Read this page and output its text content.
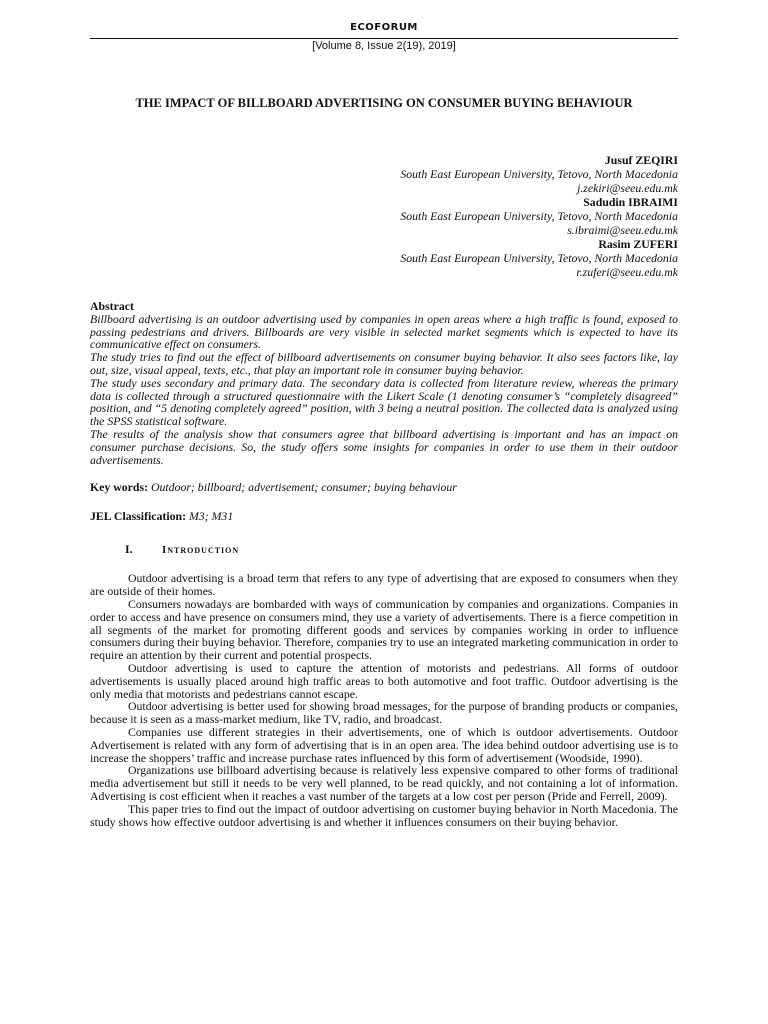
ECOFORUM
[Volume 8, Issue 2(19), 2019]
THE IMPACT OF BILLBOARD ADVERTISING ON CONSUMER BUYING BEHAVIOUR
Jusuf ZEQIRI
South East European University, Tetovo, North Macedonia
j.zekiri@seeu.edu.mk
Sadudin IBRAIMI
South East European University, Tetovo, North Macedonia
s.ibraimi@seeu.edu.mk
Rasim ZUFERI
South East European University, Tetovo, North Macedonia
r.zuferi@seeu.edu.mk
Abstract

Billboard advertising is an outdoor advertising used by companies in open areas where a high traffic is found, exposed to passing pedestrians and drivers. Billboards are very visible in selected market segments which is expected to have its communicative effect on consumers.

The study tries to find out the effect of billboard advertisements on consumer buying behavior. It also sees factors like, lay out, size, visual appeal, texts, etc., that play an important role in consumer buying behavior.

The study uses secondary and primary data. The secondary data is collected from literature review, whereas the primary data is collected through a structured questionnaire with the Likert Scale (1 denoting consumer’s “completely disagreed” position, and “5 denoting completely agreed” position, with 3 being a neutral position. The collected data is analyzed using the SPSS statistical software.

The results of the analysis show that consumers agree that billboard advertising is important and has an impact on consumer purchase decisions. So, the study offers some insights for companies in order to use them in their outdoor advertisements.

Key words: Outdoor; billboard; advertisement; consumer; buying behaviour
JEL Classification: M3; M31
I.	Introduction

Outdoor advertising is a broad term that refers to any type of advertising that are exposed to consumers when they are outside of their homes.

Consumers nowadays are bombarded with ways of communication by companies and organizations. Companies in order to access and have presence on consumers mind, they use a variety of advertisements. There is a fierce competition in all segments of the market for promoting different goods and services by companies working in order to influence consumers during their buying behavior. Therefore, companies try to use an integrated marketing communication in order to require an attention by their current and potential prospects.

Outdoor advertising is used to capture the attention of motorists and pedestrians. All forms of outdoor advertisements is usually placed around high traffic areas to both automotive and foot traffic. Outdoor advertising is the only media that motorists and pedestrians cannot escape.

Outdoor advertising is better used for showing broad messages, for the purpose of branding products or companies, because it is seen as a mass-market medium, like TV, radio, and broadcast.

Companies use different strategies in their advertisements, one of which is outdoor advertisements. Outdoor Advertisement is related with any form of advertising that is in an open area. The idea behind outdoor advertising use is to increase the shoppers’ traffic and increase purchase rates influenced by this form of advertisement (Woodside, 1990).

Organizations use billboard advertising because is relatively less expensive compared to other forms of traditional media advertisement but still it needs to be very well planned, to be read quickly, and not containing a lot of information. Advertising is cost efficient when it reaches a vast number of the targets at a low cost per person (Pride and Ferrell, 2009).

This paper tries to find out the impact of outdoor advertising on customer buying behavior in North Macedonia. The study shows how effective outdoor advertising is and whether it influences consumers on their buying behavior.
